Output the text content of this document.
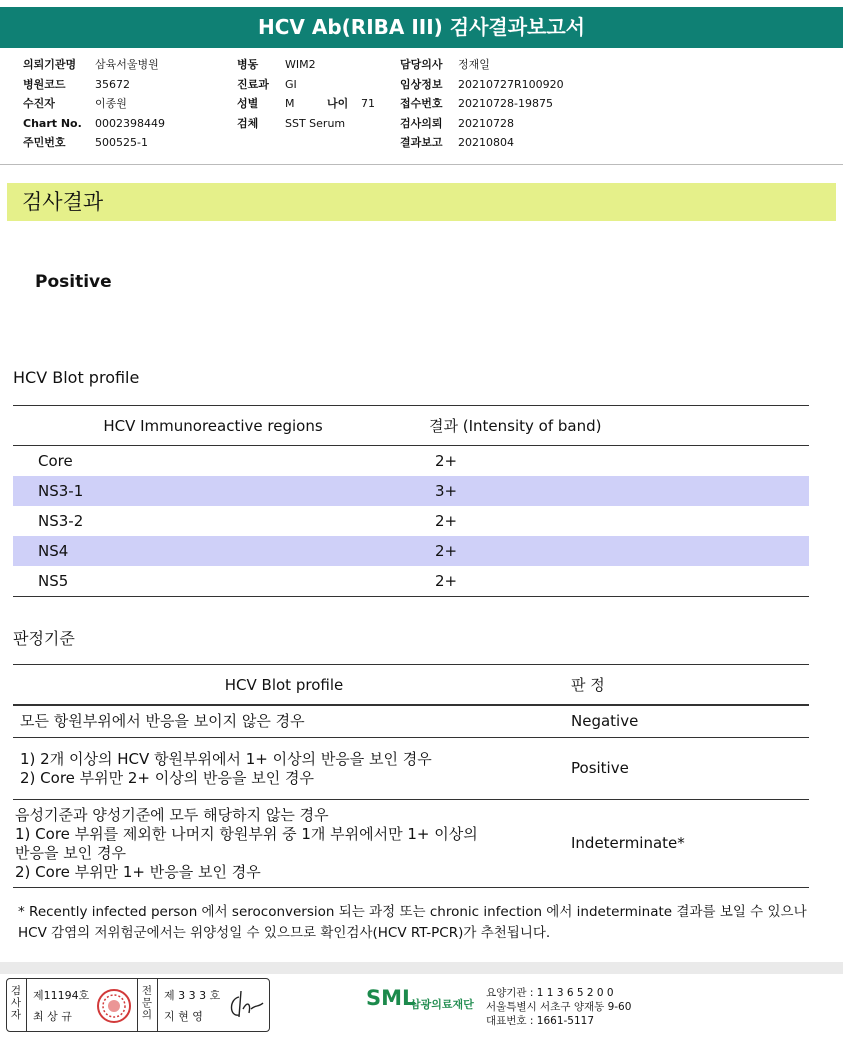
HCV Ab(RIBA III) 검사결과보고서
의뢰기관명 삼육서울병원
병원코드	35672
수진자	이종원
Chart No. 0002398449
주민번호	500525-1
병동 WIM2
진료과 GI
성별 M	나이 71
검체 SST Serum
담당의사 정재일
임상정보 20210727R100920
접수번호 20210728-19875
검사의뢰 20210728
결과보고 20210804
검사결과
Positive
HCV Blot profile
HCV Immunoreactive regions	결과 (Intensity of band)
Core	2+
NS3-1	3+
NS3-2	2+
NS4	2+
NS5	2+
판정기준
HCV Blot profile	판 정

모든 항원부위에서 반응을 보이지 않은 경우	Negative

1) 2개 이상의 HCV 항원부위에서 1+ 이상의 반응을 보인 경우
2) Core 부위만 2+ 이상의 반응을 보인 경우	Positive

음성기준과 양성기준에 모두 해당하지 않는 경우
1) Core 부위를 제외한 나머지 항원부위 중 1개 부위에서만 1+ 이상의
반응을 보인 경우
2) Core 부위만 1+ 반응을 보인 경우	Indeterminate*
* Recently infected person 에서 seroconversion 되는 과정 또는 chronic infection 에서 indeterminate 결과를 보일 수 있으나 HCV 감염의 저위험군에서는 위양성일 수 있으므로 확인검사(HCV RT-PCR)가 추천됩니다.
검사자
제11194호
최 상 규
전문의
제 3 3 3 호
지 현 영
SML
삼광의료재단
요양기관 : 1 1 3 6 5 2 0 0
서울특별시 서초구 양재동 9-60
대표번호 : 1661-5117
